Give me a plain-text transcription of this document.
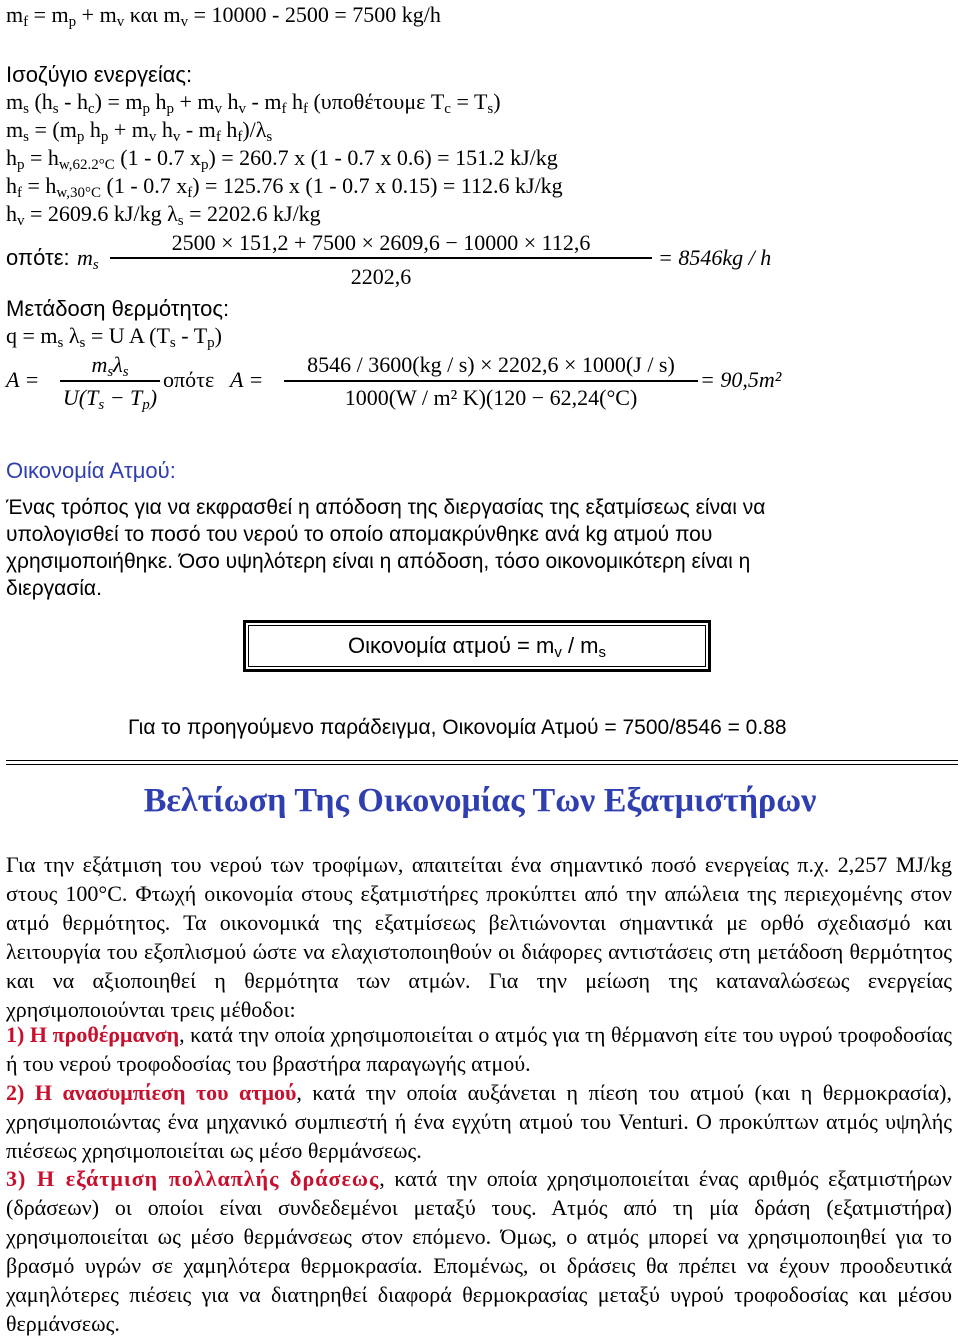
$m_f = m_p + m_v$ και $m_v = 10000 - 2500 = 7500$ kg/h
Ισοζύγιο ενεργείας:
$m_s$ $(h_s - h_c) = m_p$ $h_p + m_v$ $h_v - m_f$ $h_f$ (υποθέτουμε $T_c = T_s$)
$m_s = (m_p$ $h_p + m_v$ $h_v - m_f$ $h_f)/\lambda_s$
$h_p = h_{w,62.2^\circ C}$ (1 - 0.7 $x_p) = 260.7$ x (1 - 0.7 x 0.6) = 151.2 kJ/kg
$h_f = h_{w,30^\circ C}$ (1 - 0.7 $x_f) = 125.76$ x (1 - 0.7 x 0.15) = 112.6 kJ/kg
$h_v = 2609.6$ kJ/kg $\lambda_s = 2202.6$ kJ/kg
οπότε: $m_s$
2500 × 151,2 + 7500 × 2609,6 − 10000 × 112,6
2202,6
= 8546kg / h
Μετάδοση θερμότητος:
$q = m_s$ $\lambda_s = U$ A $(T_s - T_p)$
A =
$m_s\lambda_s$
$U(T_s - T_p)$
οπότε A =
8546 / 3600(kg / s) × 2202,6 × 1000(J / s)
1000(W / m² K)(120 − 62,24(°C)
= 90,5m²
Οικονομία Ατμού:
Ένας τρόπος για να εκφρασθεί η απόδοση της διεργασίας της εξατμίσεως είναι να υπολογισθεί το ποσό του νερού το οποίο απομακρύνθηκε ανά kg ατμού που χρησιμοποιήθηκε. Όσο υψηλότερη είναι η απόδοση, τόσο οικονομικότερη είναι η διεργασία.
Οικονομία $\alpha\tau\mu oύ = m_v / m_s$
Για το προηγούμενο παράδειγμα, Οικονομία Ατμού = 7500/8546 = 0.88
Βελτίωση Της Οικονομίας Των Εξατμιστήρων
Για την εξάτμιση του νερού των τροφίμων, απαιτείται ένα σημαντικό ποσό ενεργείας π.χ. 2,257 MJ/kg στους 100°C. Φτωχή οικονομία στους εξατμιστήρες προκύπτει από την απώλεια της περιεχομένης στον ατμό θερμότητος. Τα οικονομικά της εξατμίσεως βελτιώνονται σημαντικά με ορθό σχεδιασμό και λειτουργία του εξοπλισμού ώστε να ελαχιστοποιηθούν οι διάφορες αντιστάσεις στη μετάδοση θερμότητος και να αξιοποιηθεί η θερμότητα των ατμών. Για την μείωση της καταναλώσεως ενεργείας χρησιμοποιούνται τρεις μέθοδοι:
1) Η προθέρμανση, κατά την οποία χρησιμοποιείται ο ατμός για τη θέρμανση είτε του υγρού τροφοδοσίας ή του νερού τροφοδοσίας του βραστήρα παραγωγής ατμού.
2) Η ανασυμπίεση του ατμού, κατά την οποία αυξάνεται η πίεση του ατμού (και η θερμοκρασία), χρησιμοποιώντας ένα μηχανικό συμπιεστή ή ένα εγχύτη ατμού του Venturi. Ο προκύπτων ατμός υψηλής πιέσεως χρησιμοποιείται ως μέσο θερμάνσεως.
3) Η εξάτμιση πολλαπλής δράσεως, κατά την οποία χρησιμοποιείται ένας αριθμός εξατμιστήρων (δράσεων) οι οποίοι είναι συνδεδεμένοι μεταξύ τους. Ατμός από τη μία δράση (εξατμιστήρα) χρησιμοποιείται ως μέσο θερμάνσεως στον επόμενο. Όμως, ο ατμός μπορεί να χρησιμοποιηθεί για το βρασμό υγρών σε χαμηλότερα θερμοκρασία. Επομένως, οι δράσεις θα πρέπει να έχουν προοδευτικά χαμηλότερες πιέσεις για να διατηρηθεί διαφορά θερμοκρασίας μεταξύ υγρού τροφοδοσίας και μέσου θερμάνσεως.
